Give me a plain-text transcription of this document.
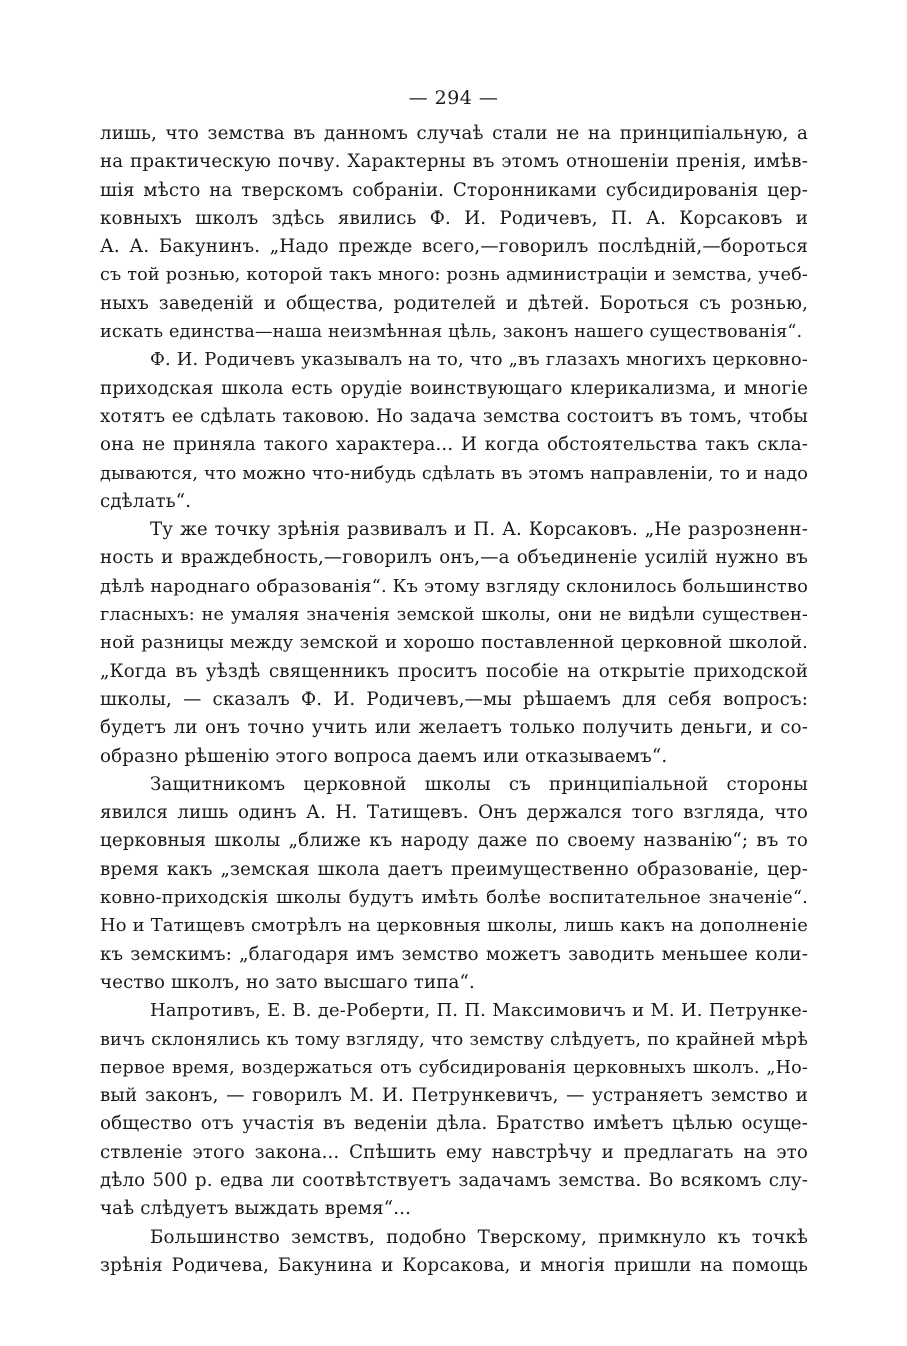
— 294 —
лишь, что земства въ данномъ случаѣ стали не на принципіальную, а
на практическую почву. Характерны въ этомъ отношеніи пренія, имѣв-
шія мѣсто на тверскомъ собраніи. Сторонниками субсидированія цер-
ковныхъ школъ здѣсь явились Ф. И. Родичевъ, П. А. Корсаковъ и
А. А. Бакунинъ. „Надо прежде всего,—говорилъ послѣдній,—бороться
съ той рознью, которой такъ много: рознь администраціи и земства, учеб-
ныхъ заведеній и общества, родителей и дѣтей. Бороться съ рознью,
искать единства—наша неизмѣнная цѣль, законъ нашего существованія“.
Ф. И. Родичевъ указывалъ на то, что „въ глазахъ многихъ церковно-
приходская школа есть орудіе воинствующаго клерикализма, и многіе
хотятъ ее сдѣлать таковою. Но задача земства состоитъ въ томъ, чтобы
она не приняла такого характера... И когда обстоятельства такъ скла-
дываются, что можно что-нибудь сдѣлать въ этомъ направленіи, то и надо
сдѣлать“.
Ту же точку зрѣнія развивалъ и П. А. Корсаковъ. „Не разрозненн-
ность и враждебность,—говорилъ онъ,—а объединеніе усилій нужно въ
дѣлѣ народнаго образованія“. Къ этому взгляду склонилось большинство
гласныхъ: не умаляя значенія земской школы, они не видѣли существен-
ной разницы между земской и хорошо поставленной церковной школой.
„Когда въ уѣздѣ священникъ проситъ пособіе на открытіе приходской
школы, — сказалъ Ф. И. Родичевъ,—мы рѣшаемъ для себя вопросъ:
будетъ ли онъ точно учить или желаетъ только получить деньги, и со-
образно рѣшенію этого вопроса даемъ или отказываемъ“.
Защитникомъ церковной школы съ принципіальной стороны
явился лишь одинъ А. Н. Татищевъ. Онъ держался того взгляда, что
церковныя школы „ближе къ народу даже по своему названію“; въ то
время какъ „земская школа даетъ преимущественно образованіе, цер-
ковно-приходскія школы будутъ имѣть болѣе воспитательное значеніе“.
Но и Татищевъ смотрѣлъ на церковныя школы, лишь какъ на дополненіе
къ земскимъ: „благодаря имъ земство можетъ заводить меньшее коли-
чество школъ, но зато высшаго типа“.
Напротивъ, Е. В. де-Роберти, П. П. Максимовичъ и М. И. Петрунке-
вичъ склонялись къ тому взгляду, что земству слѣдуетъ, по крайней мѣрѣ
первое время, воздержаться отъ субсидированія церковныхъ школъ. „Но-
вый законъ, — говорилъ М. И. Петрункевичъ, — устраняетъ земство и
общество отъ участія въ веденіи дѣла. Братство имѣетъ цѣлью осуще-
ствленіе этого закона... Спѣшить ему навстрѣчу и предлагать на это
дѣло 500 р. едва ли соотвѣтствуетъ задачамъ земства. Во всякомъ слу-
чаѣ слѣдуетъ выждать время“...
Большинство земствъ, подобно Тверскому, примкнуло къ точкѣ
зрѣнія Родичева, Бакунина и Корсакова, и многія пришли на помощь
